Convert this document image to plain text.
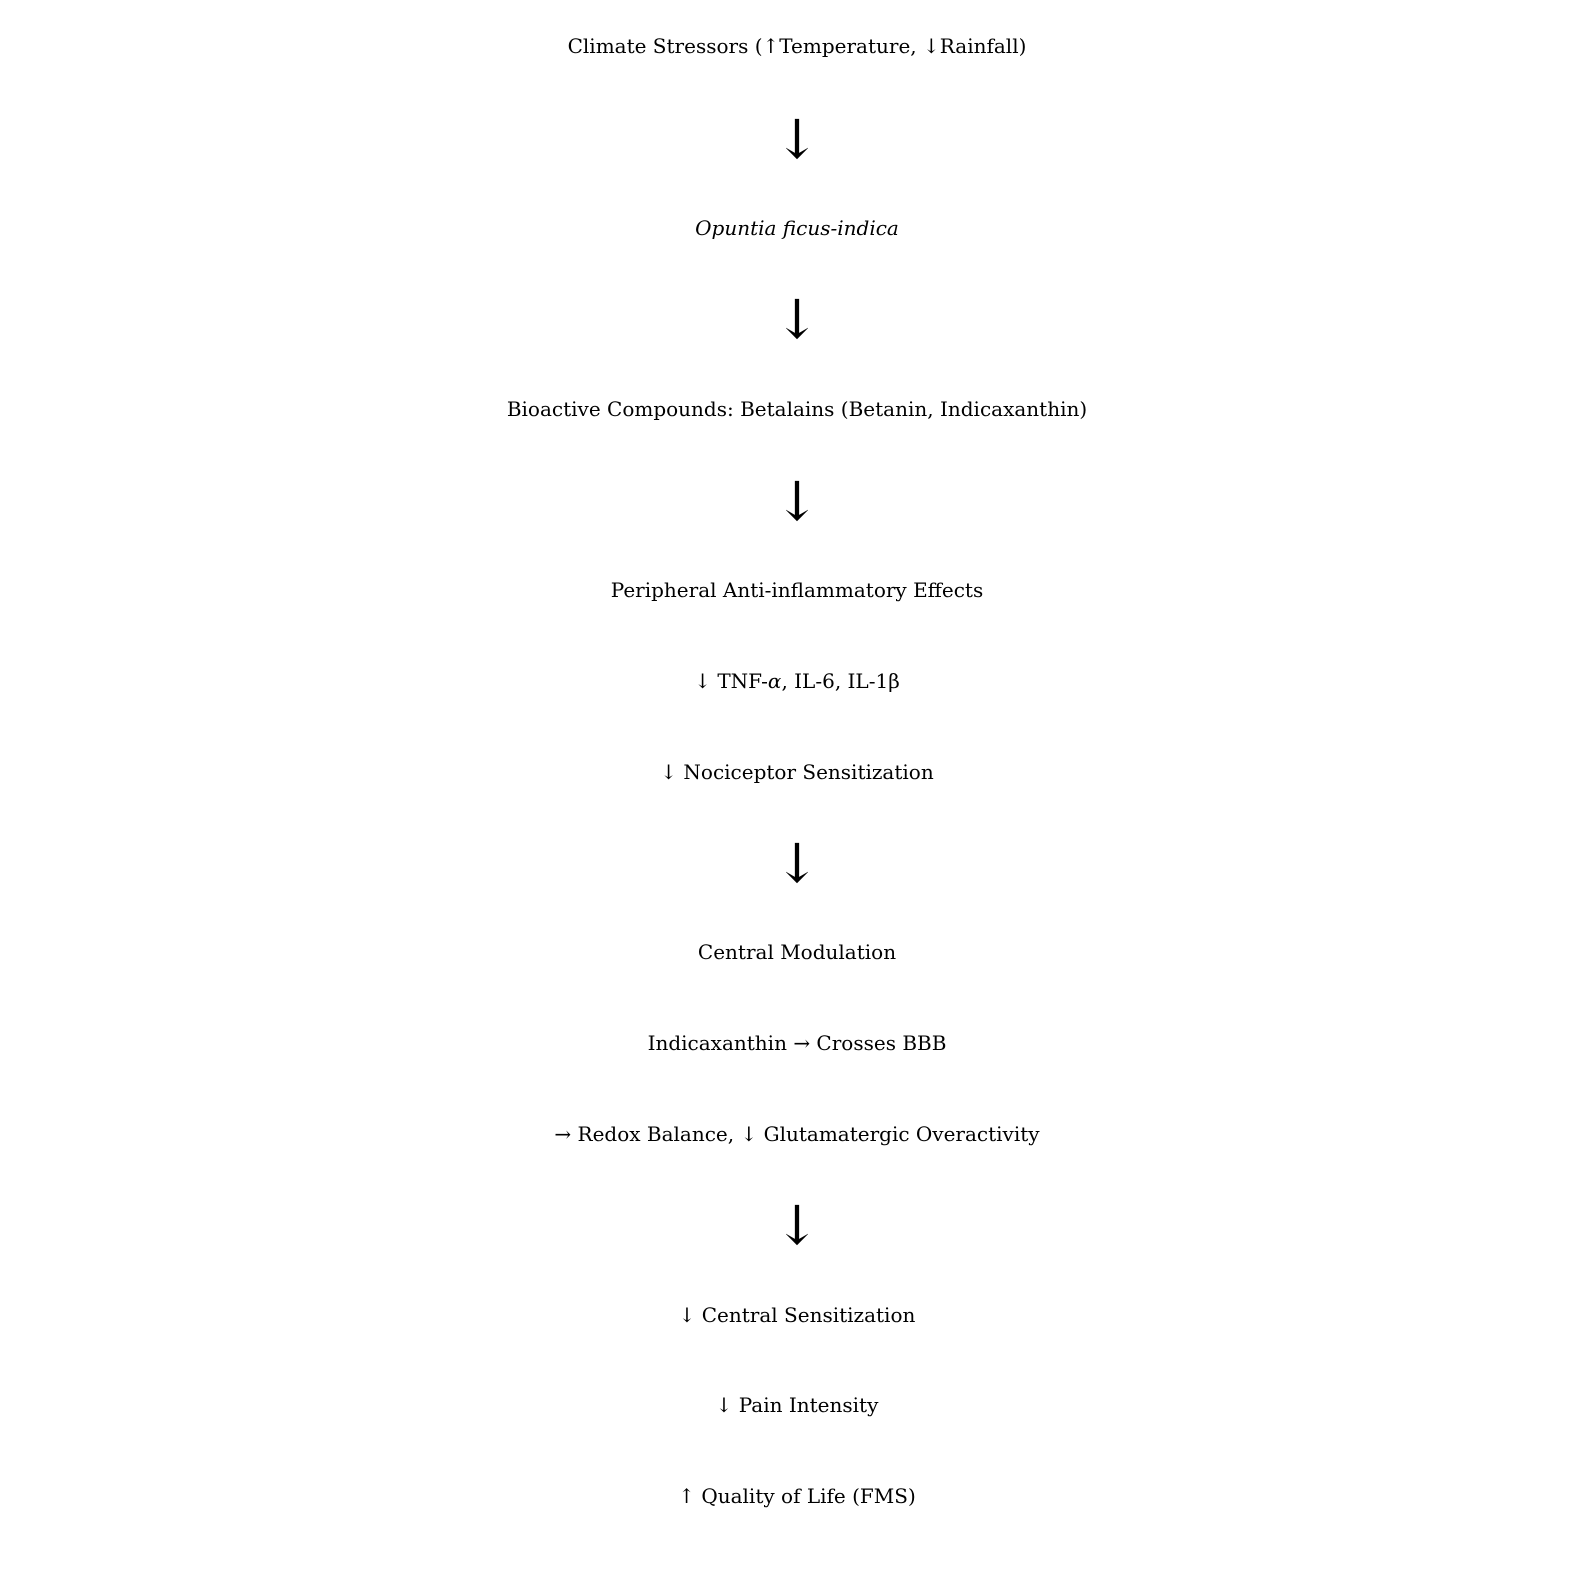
Climate Stressors (↑Temperature, ↓Rainfall)
↓
Opuntia ficus-indica
↓
Bioactive Compounds: Betalains (Betanin, Indicaxanthin)
↓
Peripheral Anti-inflammatory Effects
↓ TNF-α, IL-6, IL-1β
↓ Nociceptor Sensitization
↓
Central Modulation
Indicaxanthin → Crosses BBB
→ Redox Balance, ↓ Glutamatergic Overactivity
↓
↓ Central Sensitization
↓ Pain Intensity
↑ Quality of Life (FMS)
